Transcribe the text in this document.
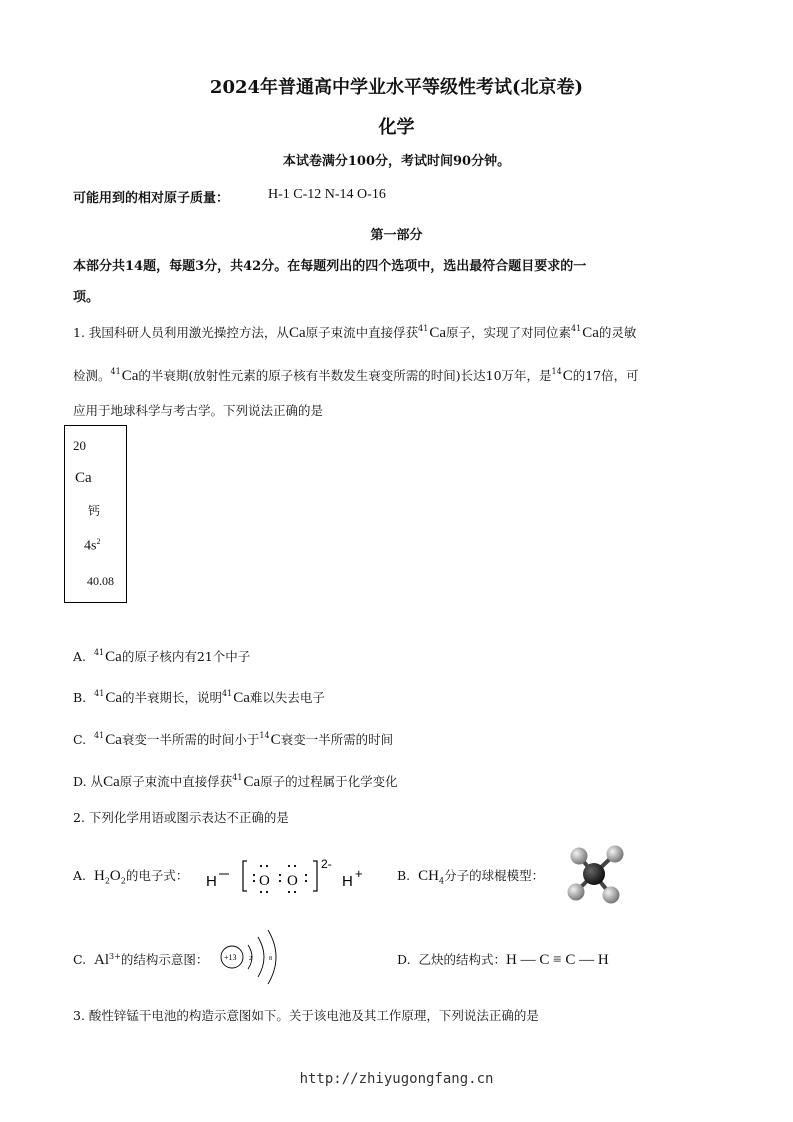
2024年普通高中学业水平等级性考试(北京卷)
化学
本试卷满分100分，考试时间90分钟。
可能用到的相对原子质量：	H-1 C-12 N-14 O-16
第一部分
本部分共14题，每题3分，共42分。在每题列出的四个选项中，选出最符合题目要求的一
项。
1. 我国科研人员利用激光操控方法，从Ca原子束流中直接俘获$^{41}$Ca原子，实现了对同位素$^{41}$Ca的灵敏
检测。$^{41}$Ca的半衰期(放射性元素的原子核有半数发生衰变所需的时间)长达10万年，是$^{14}$C的17倍，可
应用于地球科学与考古学。下列说法正确的是
20
Ca
钙
$4s^2$
40.08
A. $^{41}$Ca的原子核内有21个中子
B. $^{41}$Ca的半衰期长，说明$^{41}$Ca难以失去电子
C. $^{41}$Ca衰变一半所需的时间小于$^{14}$C衰变一半所需的时间
D. 从Ca原子束流中直接俘获$^{41}$Ca原子的过程属于化学变化
2. 下列化学用语或图示表达不正确的是
A. $H_2O_2$的电子式： H	O O
2-
H +	B. $CH_4$分子的球棍模型：
C. $Al^{3+}$的结构示意图： +13 2	8	D. 乙炔的结构式：H — C ≡ C — H
3. 酸性锌锰干电池的构造示意图如下。关于该电池及其工作原理，下列说法正确的是
http://zhiyugongfang.cn
